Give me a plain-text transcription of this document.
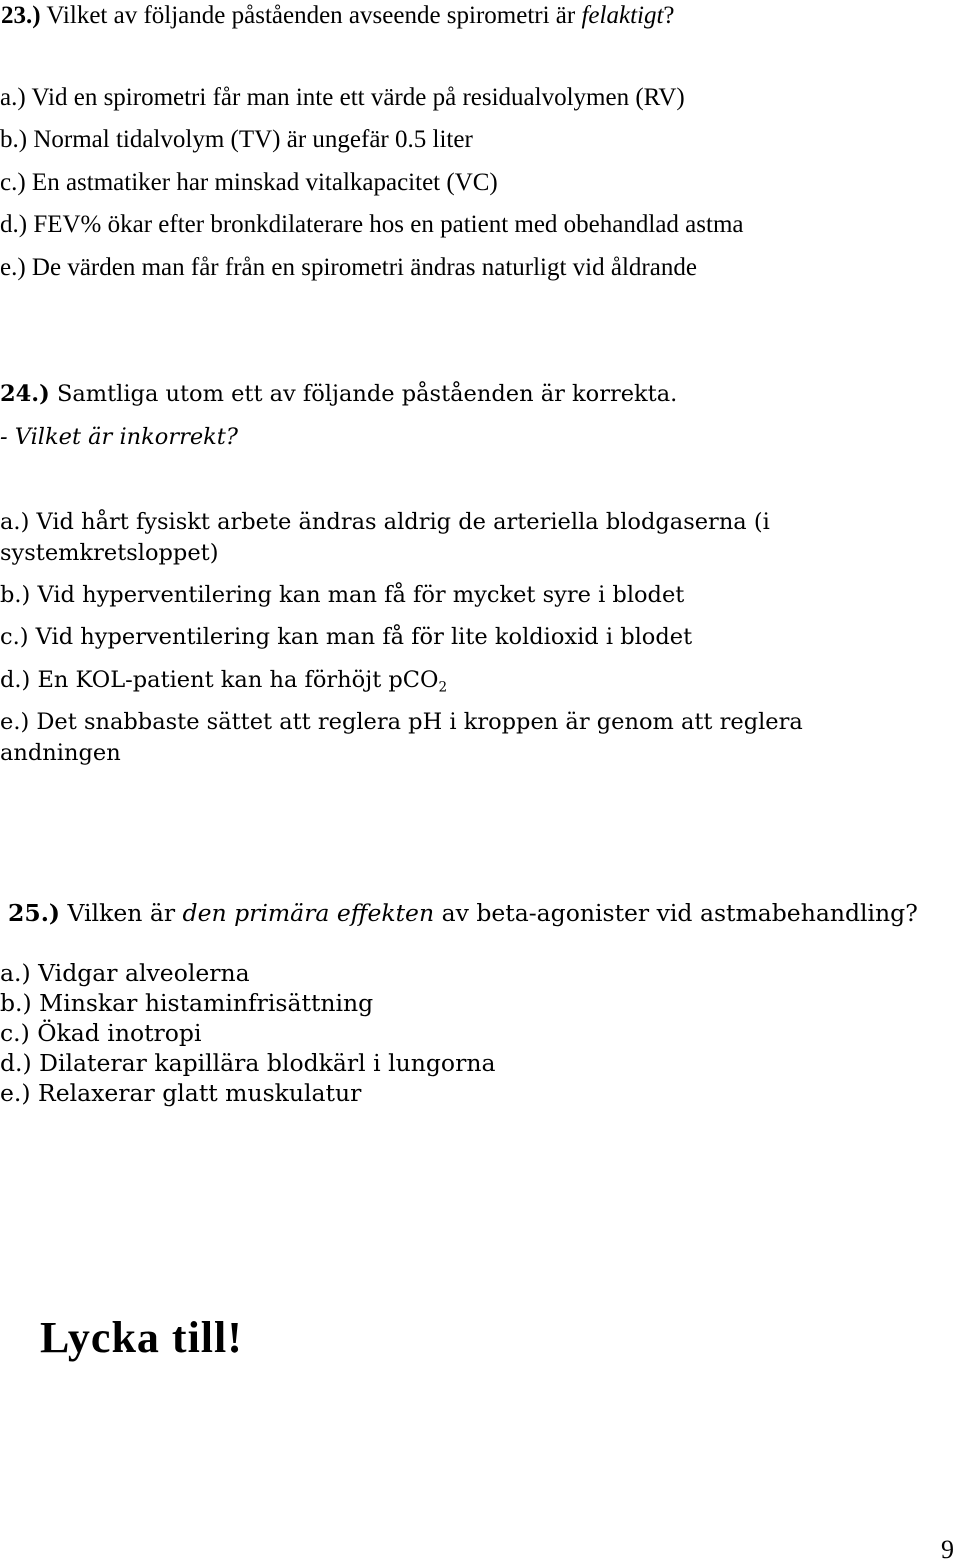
23.) Vilket av följande påståenden avseende spirometri är felaktigt?
a.) Vid en spirometri får man inte ett värde på residualvolymen (RV)
b.) Normal tidalvolym (TV) är ungefär 0.5 liter
c.) En astmatiker har minskad vitalkapacitet (VC)
d.) FEV% ökar efter bronkdilaterare hos en patient med obehandlad astma
e.) De värden man får från en spirometri ändras naturligt vid åldrande
24.) Samtliga utom ett av följande påståenden är korrekta.
- Vilket är inkorrekt?
a.) Vid hårt fysiskt arbete ändras aldrig de arteriella blodgaserna (i
systemkretsloppet)
b.) Vid hyperventilering kan man få för mycket syre i blodet
c.) Vid hyperventilering kan man få för lite koldioxid i blodet
d.) En KOL-patient kan ha förhöjt pCO$_2$
e.) Det snabbaste sättet att reglera pH i kroppen är genom att reglera
andningen
25.) Vilken är den primära effekten av beta-agonister vid astmabehandling?
a.) Vidgar alveolerna
b.) Minskar histaminfrisättning
c.) Ökad inotropi
d.) Dilaterar kapillära blodkärl i lungorna
e.) Relaxerar glatt muskulatur
Lycka till!
9
